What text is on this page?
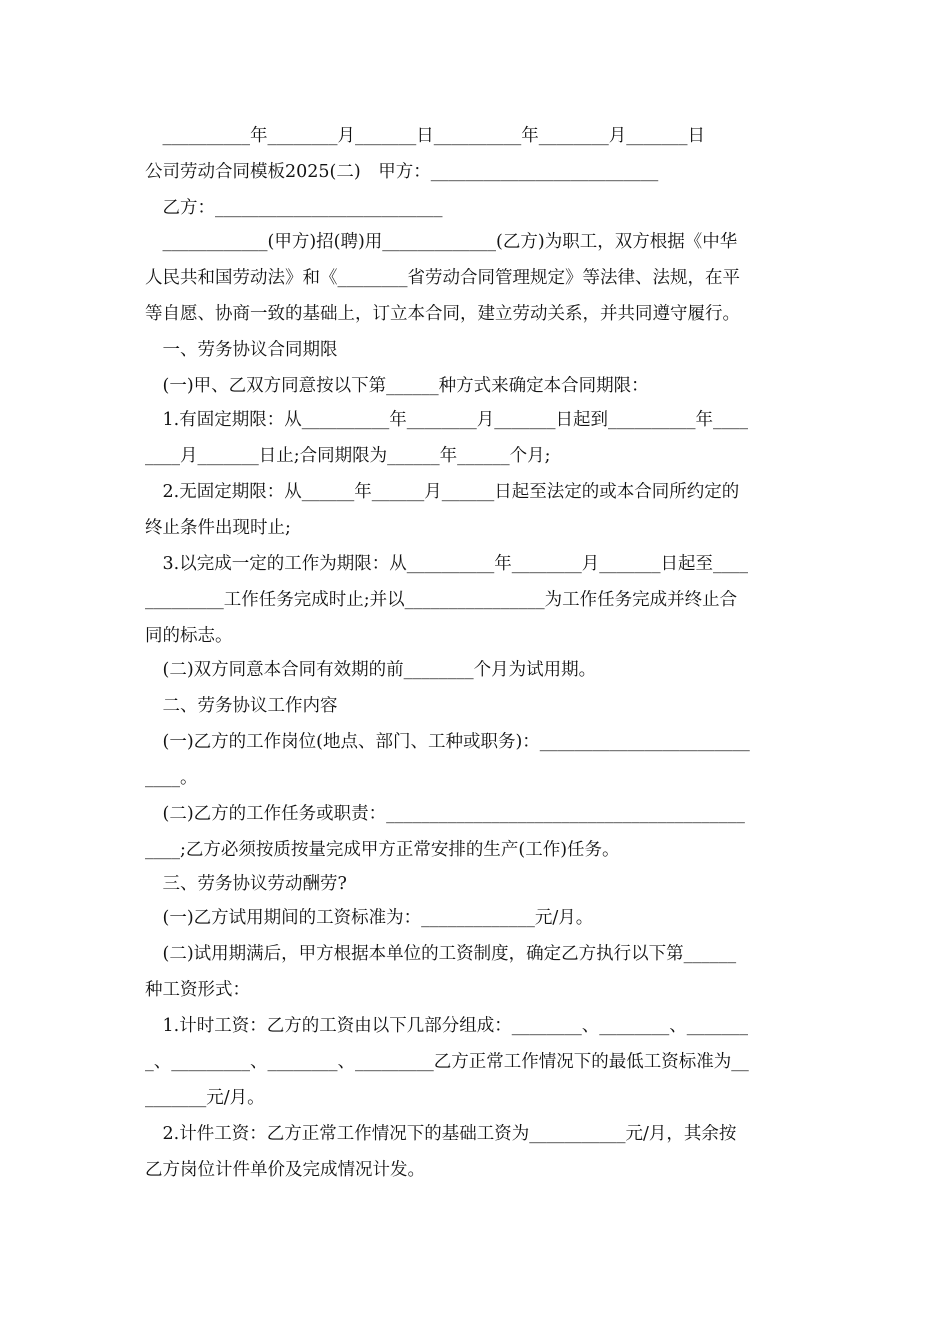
　__________年________月_______日__________年________月_______日
公司劳动合同模板2025(二)　甲方：__________________________
　乙方：__________________________
　____________(甲方)招(聘)用_____________(乙方)为职工，双方根据《中华
人民共和国劳动法》和《________省劳动合同管理规定》等法律、法规，在平
等自愿、协商一致的基础上，订立本合同，建立劳动关系，并共同遵守履行。
　一、劳务协议合同期限
　(一)甲、乙双方同意按以下第______种方式来确定本合同期限：
　1.有固定期限：从__________年________月_______日起到__________年____
____月_______日止;合同期限为______年______个月;
　2.无固定期限：从______年______月______日起至法定的或本合同所约定的
终止条件出现时止;
　3.以完成一定的工作为期限：从__________年________月_______日起至____
_________工作任务完成时止;并以________________为工作任务完成并终止合
同的标志。
　(二)双方同意本合同有效期的前________个月为试用期。
　二、劳务协议工作内容
　(一)乙方的工作岗位(地点、部门、工种或职务)：________________________
____。
　(二)乙方的工作任务或职责：_________________________________________
____;乙方必须按质按量完成甲方正常安排的生产(工作)任务。
　三、劳务协议劳动酬劳?
　(一)乙方试用期间的工资标准为：_____________元/月。
　(二)试用期满后，甲方根据本单位的工资制度，确定乙方执行以下第______
种工资形式：
　1.计时工资：乙方的工资由以下几部分组成：________、________、_______
_、_________、________、_________乙方正常工作情况下的最低工资标准为__
_______元/月。
　2.计件工资：乙方正常工作情况下的基础工资为___________元/月，其余按
乙方岗位计件单价及完成情况计发。
